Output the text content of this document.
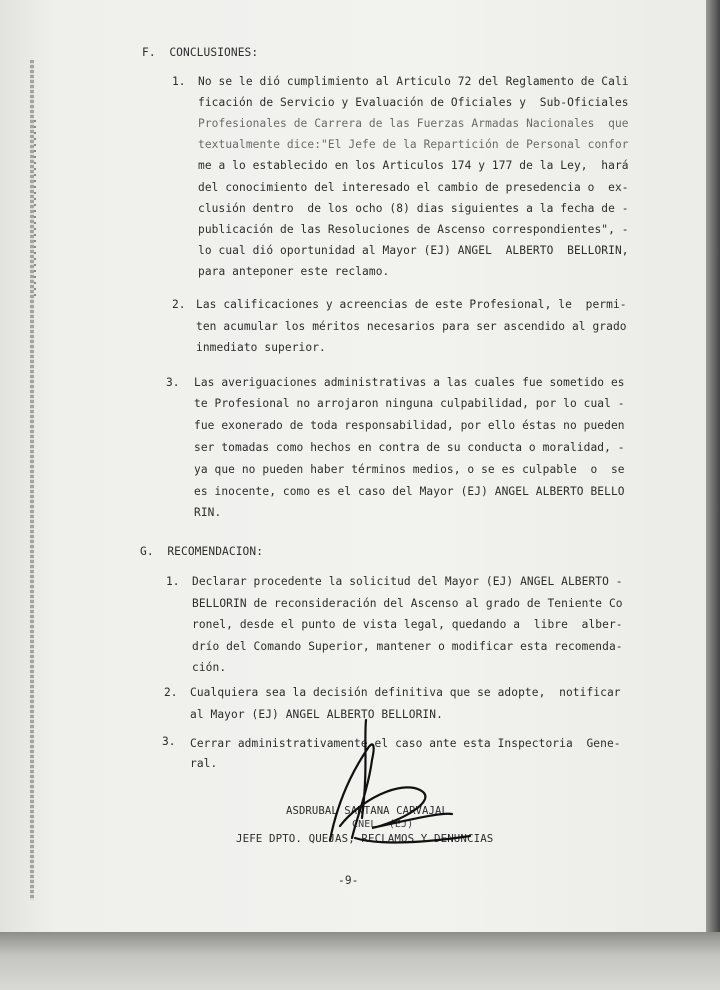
F.  CONCLUSIONES:
1. No se le dió cumplimiento al Articulo 72 del Reglamento de Cali
ficación de Servicio y Evaluación de Oficiales y  Sub-Oficiales
Profesionales de Carrera de las Fuerzas Armadas Nacionales  que
textualmente dice:"El Jefe de la Repartición de Personal confor
me a lo establecido en los Articulos 174 y 177 de la Ley,  hará
del conocimiento del interesado el cambio de presedencia o  ex-
clusión dentro  de los ocho (8) dias siguientes a la fecha de -
publicación de las Resoluciones de Ascenso correspondientes", -
lo cual dió oportunidad al Mayor (EJ) ANGEL  ALBERTO  BELLORIN,
para anteponer este reclamo.
2. Las calificaciones y acreencias de este Profesional, le  permi-
ten acumular los méritos necesarios para ser ascendido al grado
inmediato superior.
3. Las averiguaciones administrativas a las cuales fue sometido es
te Profesional no arrojaron ninguna culpabilidad, por lo cual -
fue exonerado de toda responsabilidad, por ello éstas no pueden
ser tomadas como hechos en contra de su conducta o moralidad, -
ya que no pueden haber términos medios, o se es culpable  o  se
es inocente, como es el caso del Mayor (EJ) ANGEL ALBERTO BELLO
RIN.
G.  RECOMENDACION:
1. Declarar procedente la solicitud del Mayor (EJ) ANGEL ALBERTO -
BELLORIN de reconsideración del Ascenso al grado de Teniente Co
ronel, desde el punto de vista legal, quedando a  libre  alber-
drío del Comando Superior, mantener o modificar esta recomenda-
ción.
2. Cualquiera sea la decisión definitiva que se adopte,  notificar
al Mayor (EJ) ANGEL ALBERTO BELLORIN.
3. Cerrar administrativamente el caso ante esta Inspectoria  Gene-
ral.
ASDRUBAL SANTANA CARVAJAL
CNEL. (EJ)
JEFE DPTO. QUEJAS, RECLAMOS Y DENUNCIAS
-9-
